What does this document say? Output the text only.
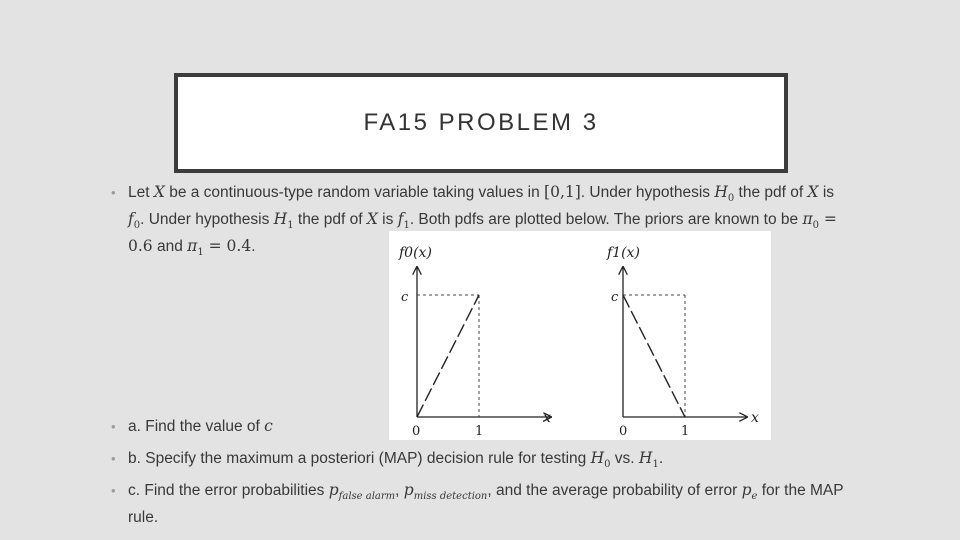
FA15 PROBLEM 3
• Let X be a continuous-type random variable taking values in [0,1]. Under hypothesis $H_0$ the pdf of X is $f_0$. Under hypothesis $H_1$ the pdf of X is $f_1$. Both pdfs are plotted below. The priors are known to be $\pi_0 = 0.6$ and $\pi_1 = 0.4$.	f0(x)
c
x
0	1
f1(x)
c
x
0	1
• a. Find the value of c
• b. Specify the maximum a posteriori (MAP) decision rule for testing $H_0$ vs. $H_1$.
• c. Find the error probabilities $p_{false alarm}$, $p_{miss detection}$, and the average probability of error $p_e$ for the MAP rule.
